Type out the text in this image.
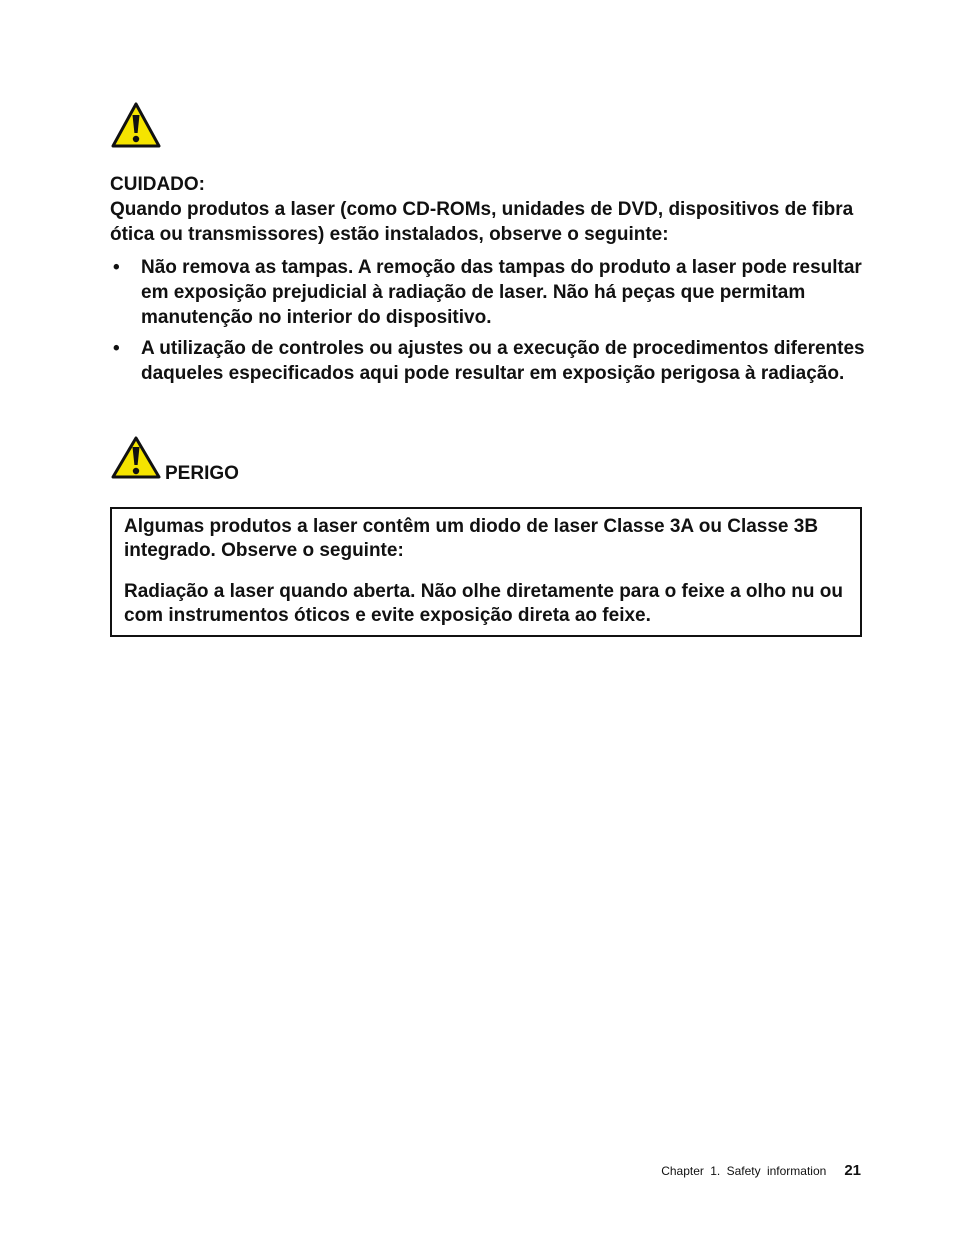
CUIDADO:

Quando produtos a laser (como CD-ROMs, unidades de DVD, dispositivos de fibra ótica ou transmissores) estão instalados, observe o seguinte:

• Não remova as tampas. A remoção das tampas do produto a laser pode resultar em exposição prejudicial à radiação de laser. Não há peças que permitam manutenção no interior do dispositivo.
• A utilização de controles ou ajustes ou a execução de procedimentos diferentes daqueles especificados aqui pode resultar em exposição perigosa à radiação.

PERIGO

Algumas produtos a laser contêm um diodo de laser Classe 3A ou Classe 3B integrado. Observe o seguinte:

Radiação a laser quando aberta. Não olhe diretamente para o feixe a olho nu ou com instrumentos óticos e evite exposição direta ao feixe.

Chapter 1. Safety information 21
